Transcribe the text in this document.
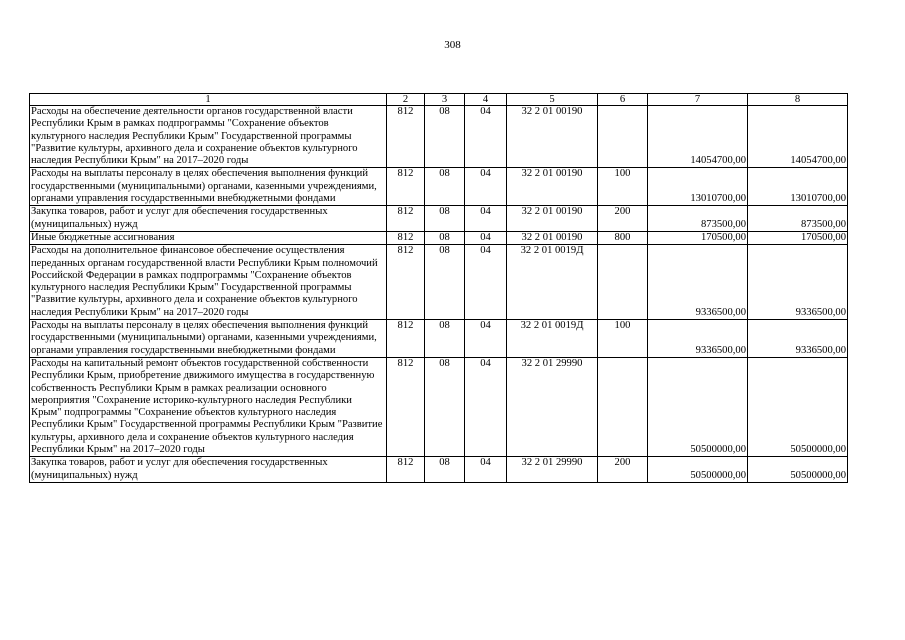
308
1	2	3	4	5	6	7	8
Расходы на обеспечение деятельности органов государственной власти Республики Крым в рамках подпрограммы "Сохранение объектов культурного наследия Республики Крым" Государственной программы "Развитие культуры, архивного дела и сохранение объектов культурного наследия Республики Крым" на 2017–2020 годы	812	08	04	32 2 01 00190		14054700,00	14054700,00
Расходы на выплаты персоналу в целях обеспечения выполнения функций государственными (муниципальными) органами, казенными учреждениями, органами управления государственными внебюджетными фондами	812	08	04	32 2 01 00190	100	13010700,00	13010700,00
Закупка товаров, работ и услуг для обеспечения государственных (муниципальных) нужд	812	08	04	32 2 01 00190	200	873500,00	873500,00
Иные бюджетные ассигнования	812	08	04	32 2 01 00190	800	170500,00	170500,00
Расходы на дополнительное финансовое обеспечение осуществления переданных органам государственной власти Республики Крым полномочий Российской Федерации в рамках подпрограммы "Сохранение объектов культурного наследия Республики Крым" Государственной программы "Развитие культуры, архивного дела и сохранение объектов культурного наследия Республики Крым" на 2017–2020 годы	812	08	04	32 2 01 0019Д		9336500,00	9336500,00
Расходы на выплаты персоналу в целях обеспечения выполнения функций государственными (муниципальными) органами, казенными учреждениями, органами управления государственными внебюджетными фондами	812	08	04	32 2 01 0019Д	100	9336500,00	9336500,00
Расходы на капитальный ремонт объектов государственной собственности Республики Крым, приобретение движимого имущества в государственную собственность Республики Крым в рамках реализации основного мероприятия "Сохранение историко-культурного наследия Республики Крым" подпрограммы "Сохранение объектов культурного наследия Республики Крым" Государственной программы Республики Крым "Развитие культуры, архивного дела и сохранение объектов культурного наследия Республики Крым" на 2017–2020 годы	812	08	04	32 2 01 29990		50500000,00	50500000,00
Закупка товаров, работ и услуг для обеспечения государственных (муниципальных) нужд	812	08	04	32 2 01 29990	200	50500000,00	50500000,00
